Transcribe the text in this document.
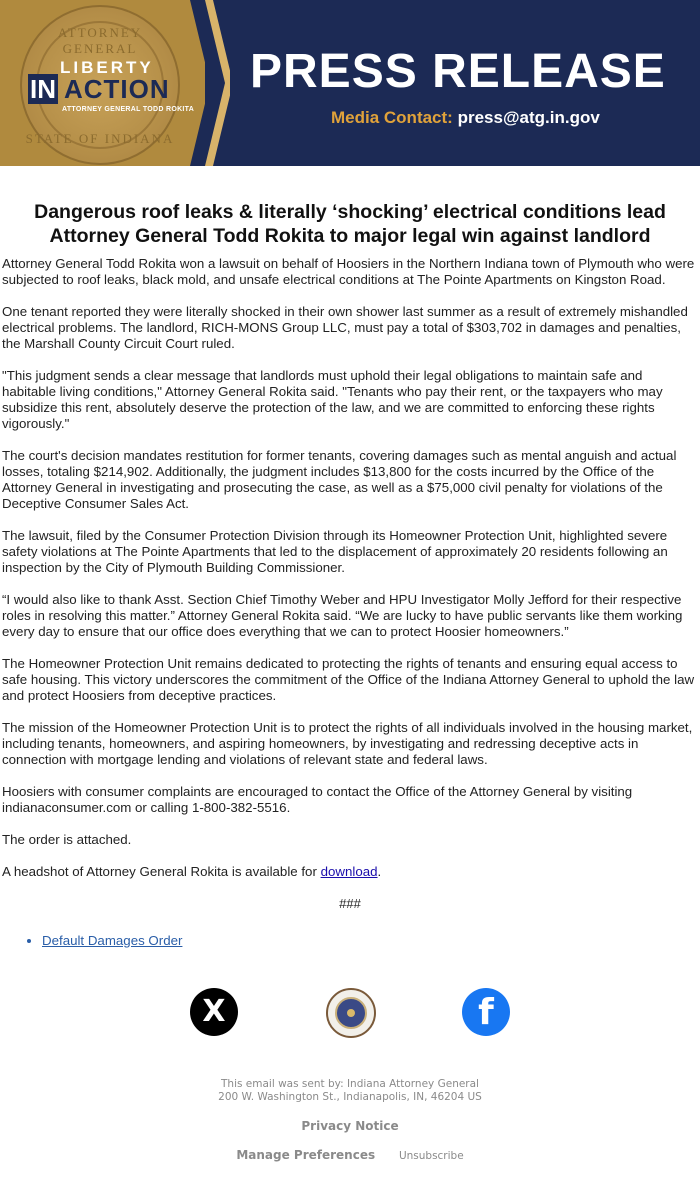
ATTORNEY GENERAL
STATE OF INDIANA
LIBERTY
IN ACTION
ATTORNEY GENERAL TODD ROKITA
PRESS RELEASE
Media Contact: press@atg.in.gov
Dangerous roof leaks & literally ‘shocking’ electrical conditions lead
Attorney General Todd Rokita to major legal win against landlord

Attorney General Todd Rokita won a lawsuit on behalf of Hoosiers in the Northern Indiana town of Plymouth who were subjected to roof leaks, black mold, and unsafe electrical conditions at The Pointe Apartments on Kingston Road.

One tenant reported they were literally shocked in their own shower last summer as a result of extremely mishandled electrical problems. The landlord, RICH-MONS Group LLC, must pay a total of $303,702 in damages and penalties, the Marshall County Circuit Court ruled.

"This judgment sends a clear message that landlords must uphold their legal obligations to maintain safe and habitable living conditions," Attorney General Rokita said. "Tenants who pay their rent, or the taxpayers who may subsidize this rent, absolutely deserve the protection of the law, and we are committed to enforcing these rights vigorously."

The court's decision mandates restitution for former tenants, covering damages such as mental anguish and actual losses, totaling $214,902. Additionally, the judgment includes $13,800 for the costs incurred by the Office of the Attorney General in investigating and prosecuting the case, as well as a $75,000 civil penalty for violations of the Deceptive Consumer Sales Act.

The lawsuit, filed by the Consumer Protection Division through its Homeowner Protection Unit, highlighted severe safety violations at The Pointe Apartments that led to the displacement of approximately 20 residents following an inspection by the City of Plymouth Building Commissioner.

“I would also like to thank Asst. Section Chief Timothy Weber and HPU Investigator Molly Jefford for their respective roles in resolving this matter.” Attorney General Rokita said. “We are lucky to have public servants like them working every day to ensure that our office does everything that we can to protect Hoosier homeowners.”

The Homeowner Protection Unit remains dedicated to protecting the rights of tenants and ensuring equal access to safe housing. This victory underscores the commitment of the Office of the Indiana Attorney General to uphold the law and protect Hoosiers from deceptive practices.

The mission of the Homeowner Protection Unit is to protect the rights of all individuals involved in the housing market, including tenants, homeowners, and aspiring homeowners, by investigating and redressing deceptive acts in connection with mortgage lending and violations of relevant state and federal laws.

Hoosiers with consumer complaints are encouraged to contact the Office of the Attorney General by visiting indianaconsumer.com or calling 1-800-382-5516.

The order is attached.

A headshot of Attorney General Rokita is available for download.

###
• Default Damages Order
X	f

This email was sent by: Indiana Attorney General

200 W. Washington St., Indianapolis, IN, 46204 US

Privacy Notice
Manage Preferences Unsubscribe
